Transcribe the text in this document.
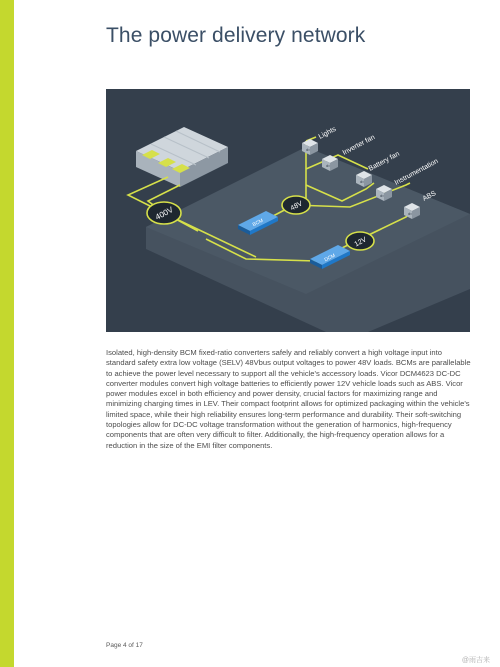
The power delivery network
400V
BCM
48V
DCM
12V
ȸ
Lights
ȸ
Inverter fan
ȸ
Battery fan
ȸ
Instrumentation
ȸ
ABS

Isolated, high-density BCM fixed-ratio converters safely and reliably convert a high voltage input into standard safety extra low voltage (SELV) 48Vbus output voltages to power 48V loads. BCMs are parallelable to achieve the power level necessary to support all the vehicle's accessory loads. Vicor DCM4623 DC-DC converter modules convert high voltage batteries to efficiently power 12V vehicle loads such as ABS. Vicor power modules excel in both efficiency and power density, crucial factors for maximizing range and minimizing charging times in LEV. Their compact footprint allows for optimized packaging within the vehicle's limited space, while their high reliability ensures long-term performance and durability. Their soft-switching topologies allow for DC-DC voltage transformation without the generation of harmonics, high-frequency components that are often very difficult to filter. Additionally, the high-frequency operation allows for a reduction in the size of the EMI filter components.

Page 4 of 17
@雨吉来
